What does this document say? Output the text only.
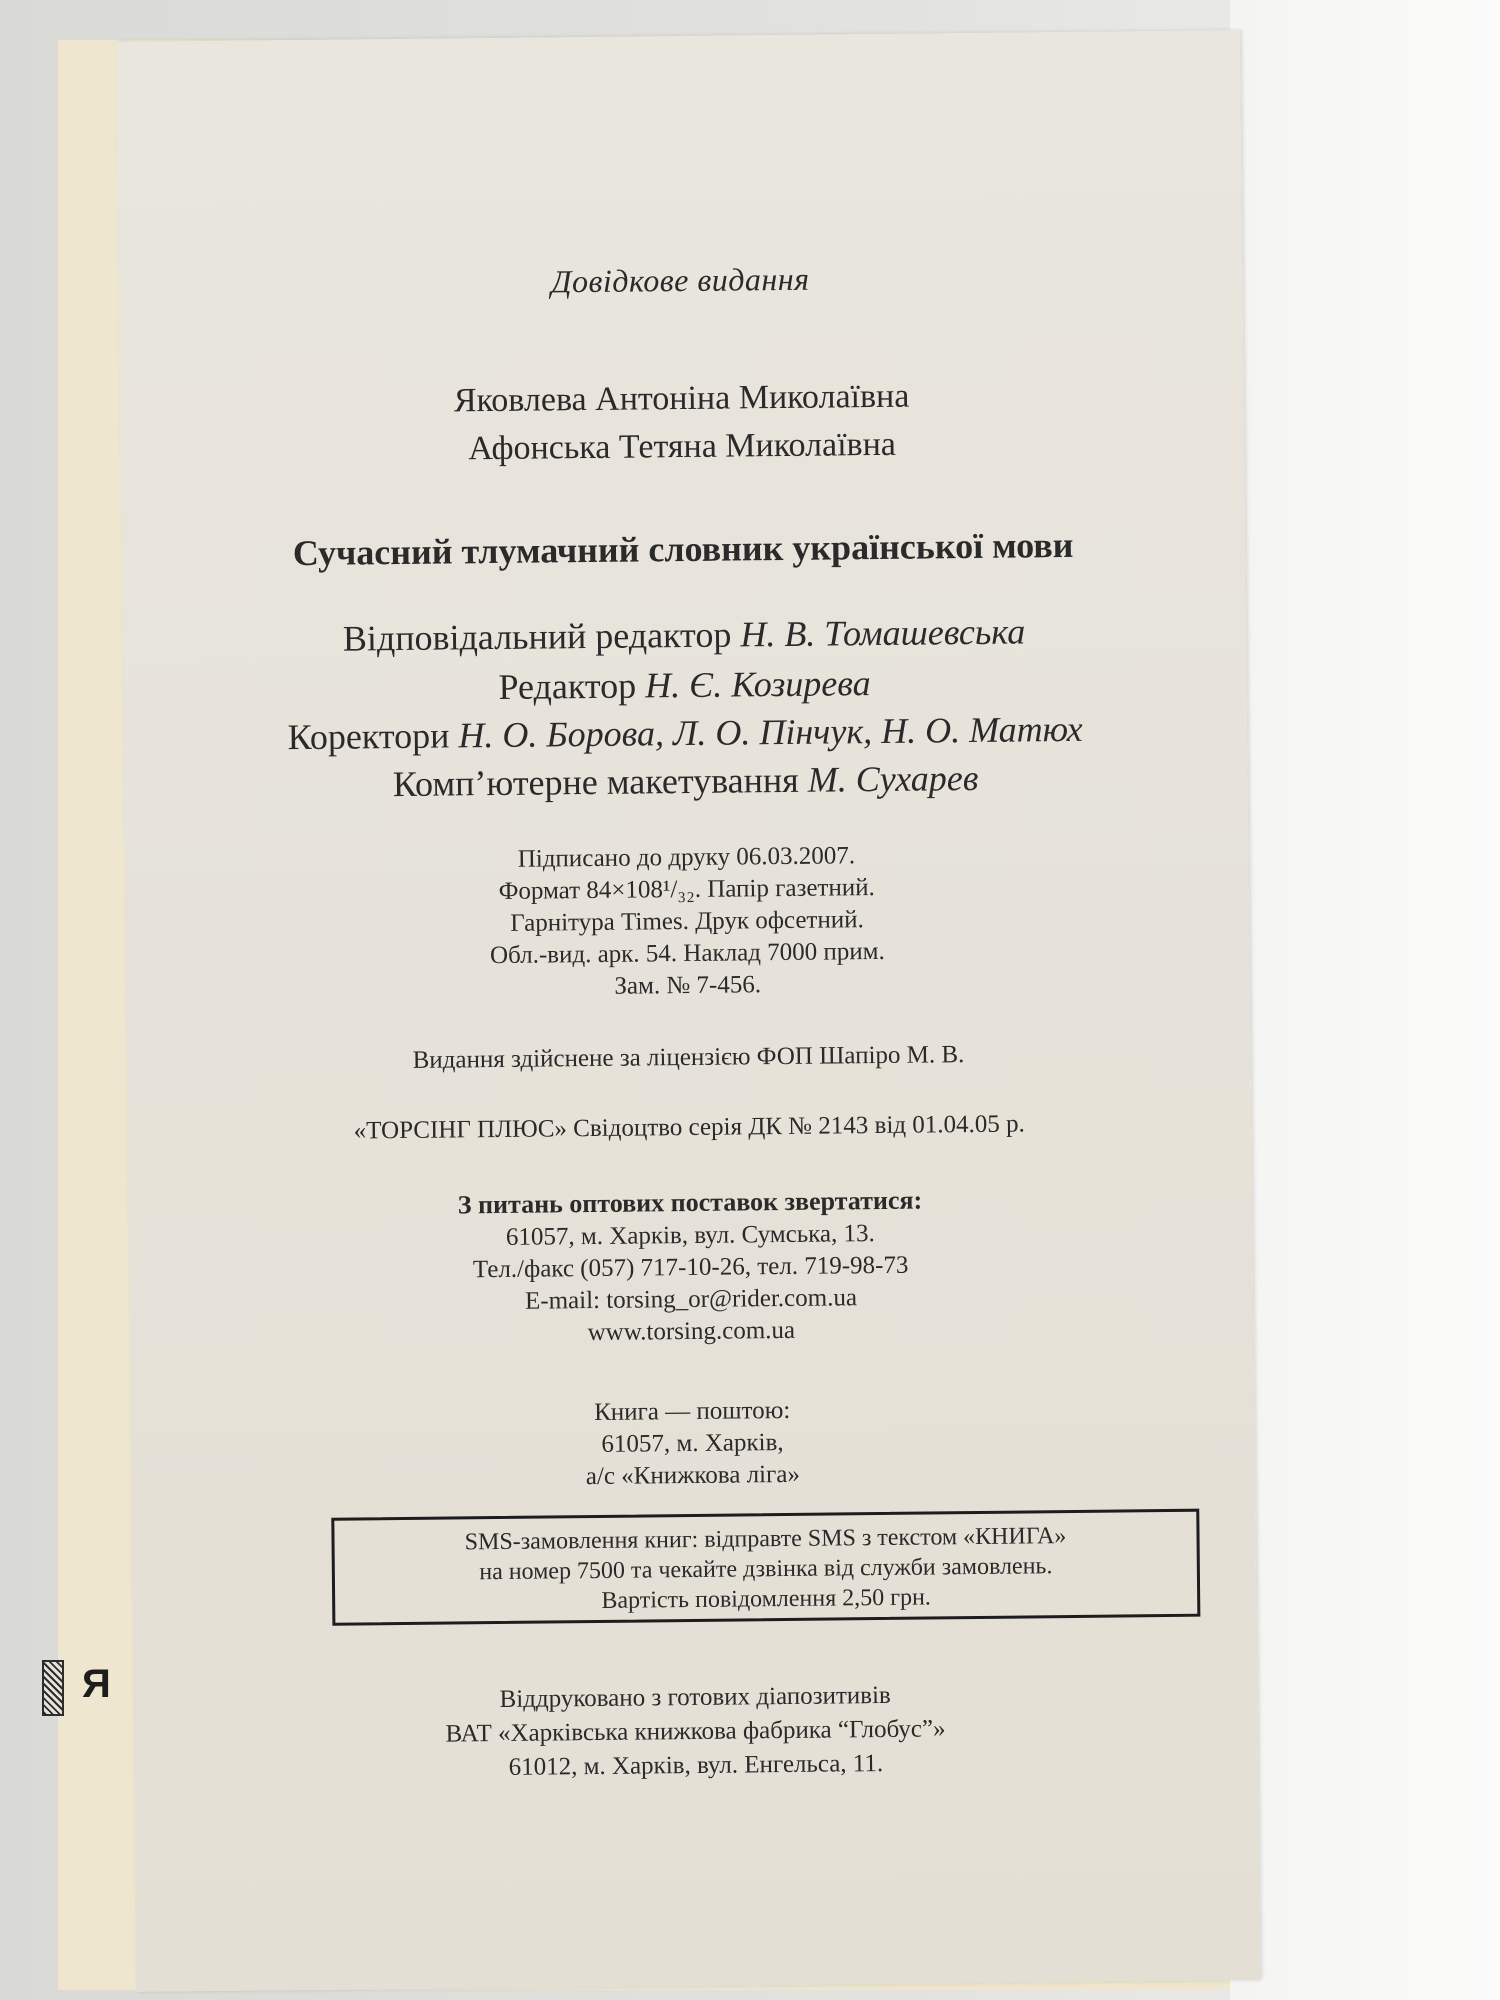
Довідкове видання
Яковлева Антоніна Миколаївна
Афонська Тетяна Миколаївна
Сучасний тлумачний словник української мови
Відповідальний редактор Н. В. Томашевська
Редактор Н. Є. Козирева
Коректори Н. О. Борова, Л. О. Пінчук, Н. О. Матюх
Комп’ютерне макетування М. Сухарев
Підписано до друку 06.03.2007.
Формат 84×108¹/₃₂. Папір газетний.
Гарнітура Times. Друк офсетний.
Обл.-вид. арк. 54. Наклад 7000 прим.
Зам. № 7-456.
Видання здійснене за ліцензією ФОП Шапіро М. В.
«ТОРСІНГ ПЛЮС» Свідоцтво серія ДК № 2143 від 01.04.05 р.
З питань оптових поставок звертатися:
61057, м. Харків, вул. Сумська, 13.
Тел./факс (057) 717-10-26, тел. 719-98-73
E-mail: torsing_or@rider.com.ua
www.torsing.com.ua
Книга — поштою:
61057, м. Харків,
а/с «Книжкова ліга»
SMS-замовлення книг: відправте SMS з текстом «КНИГА»
на номер 7500 та чекайте дзвінка від служби замовлень.
Вартість повідомлення 2,50 грн.
Віддруковано з готових діапозитивів
ВАТ «Харківська книжкова фабрика “Глобус”»
61012, м. Харків, вул. Енгельса, 11.
Я
